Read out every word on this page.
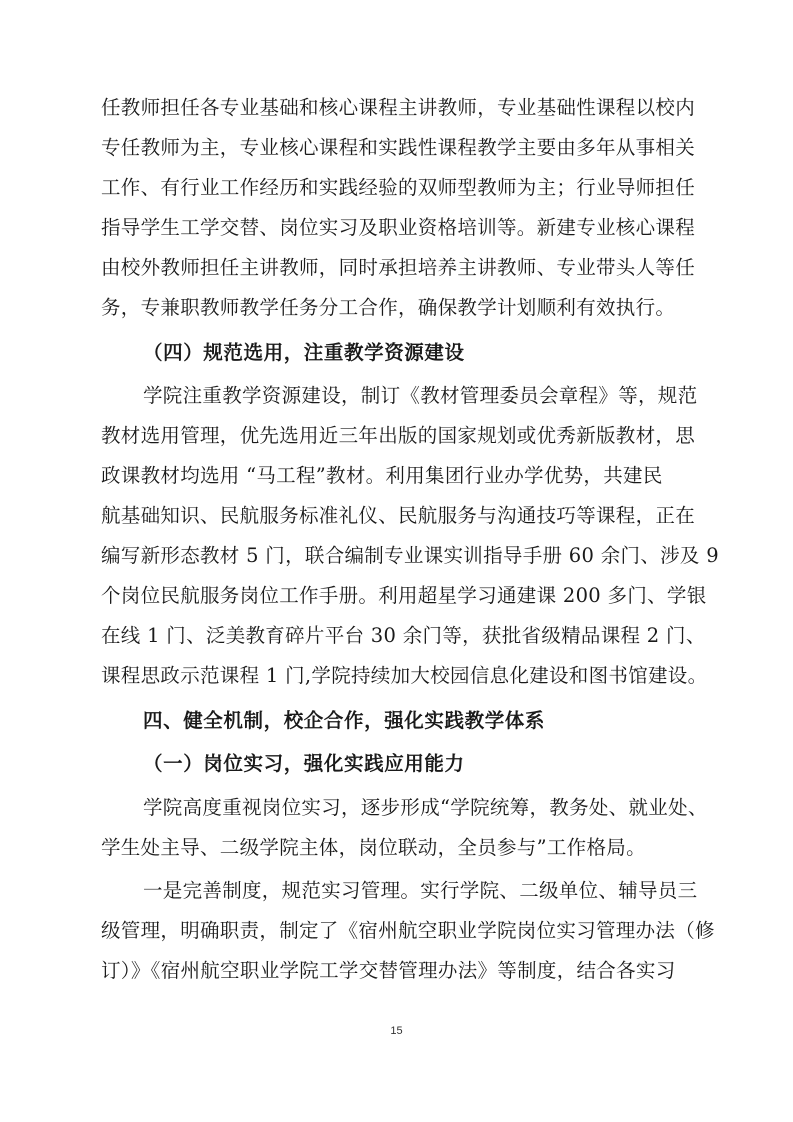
任教师担任各专业基础和核心课程主讲教师，专业基础性课程以校内
专任教师为主，专业核心课程和实践性课程教学主要由多年从事相关
工作、有行业工作经历和实践经验的双师型教师为主；行业导师担任
指导学生工学交替、岗位实习及职业资格培训等。新建专业核心课程
由校外教师担任主讲教师，同时承担培养主讲教师、专业带头人等任
务，专兼职教师教学任务分工合作，确保教学计划顺利有效执行。
（四）规范选用，注重教学资源建设
学院注重教学资源建设，制订《教材管理委员会章程》等，规范
教材选用管理，优先选用近三年出版的国家规划或优秀新版教材，思
政课教材均选用 “马工程”教材。利用集团行业办学优势，共建民
航基础知识、民航服务标准礼仪、民航服务与沟通技巧等课程，正在
编写新形态教材 5 门，联合编制专业课实训指导手册 60 余门、涉及 9
个岗位民航服务岗位工作手册。利用超星学习通建课 200 多门、学银
在线 1 门、泛美教育碎片平台 30 余门等，获批省级精品课程 2 门、
课程思政示范课程 1 门,学院持续加大校园信息化建设和图书馆建设。
四、健全机制，校企合作，强化实践教学体系
（一）岗位实习，强化实践应用能力
学院高度重视岗位实习，逐步形成“学院统筹，教务处、就业处、
学生处主导、二级学院主体，岗位联动，全员参与”工作格局。
一是完善制度，规范实习管理。实行学院、二级单位、辅导员三
级管理，明确职责，制定了《宿州航空职业学院岗位实习管理办法（修
订）》《宿州航空职业学院工学交替管理办法》等制度，结合各实习
15
